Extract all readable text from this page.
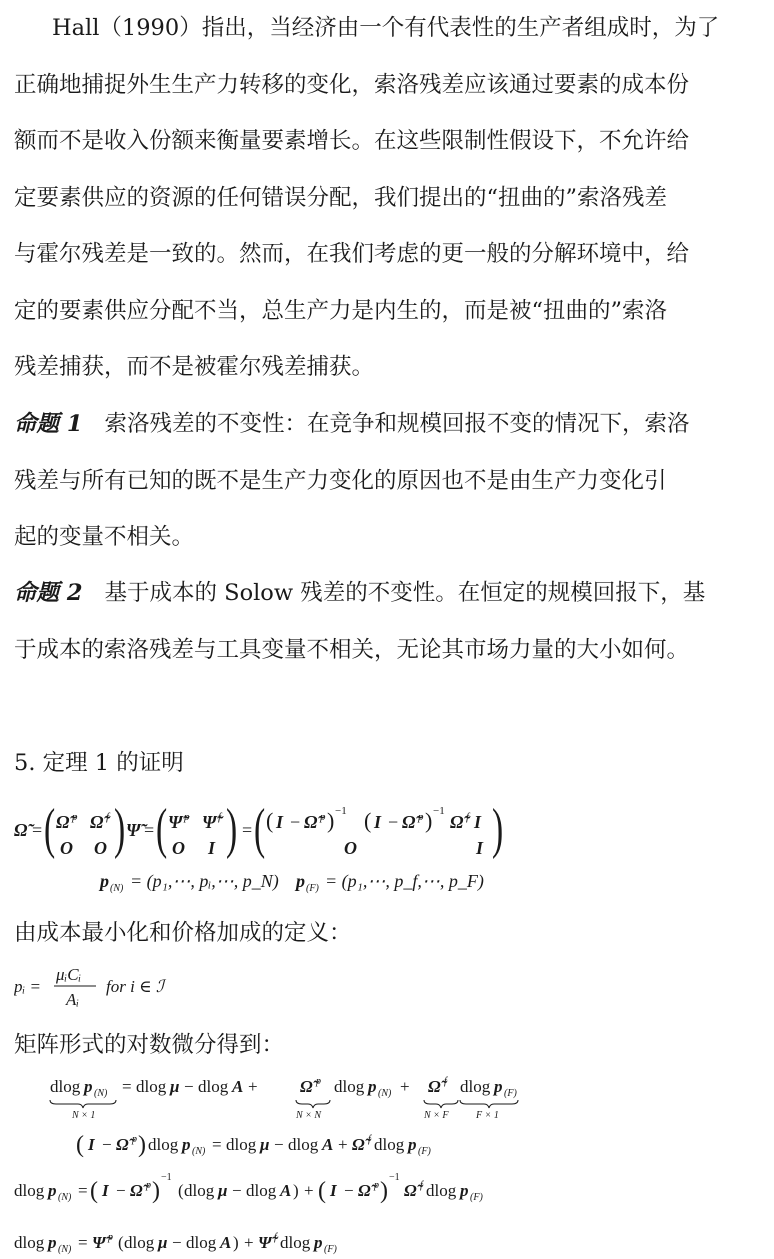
Hall（1990）指出，当经济由一个有代表性的生产者组成时，为了
正确地捕捉外生生产力转移的变化，索洛残差应该通过要素的成本份
额而不是收入份额来衡量要素增长。在这些限制性假设下，不允许给
定要素供应的资源的任何错误分配，我们提出的“扭曲的”索洛残差
与霍尔残差是一致的。然而，在我们考虑的更一般的分解环境中，给
定的要素供应分配不当，总生产力是内生的，而是被“扭曲的”索洛
残差捕获，而不是被霍尔残差捕获。
命题 1 索洛残差的不变性：在竞争和规模回报不变的情况下，索洛
残差与所有已知的既不是生产力变化的原因也不是由生产力变化引
起的变量不相关。
命题 2 基于成本的 Solow 残差的不变性。在恒定的规模回报下，基
于成本的索洛残差与工具变量不相关，无论其市场力量的大小如何。
5. 定理 1 的证明
Ω̃ = ( Ω̃ p Ω̃ f
O O ) Ψ̃ = ( Ψ̃ p Ψ̃ f
O I ) = ( ( I − Ω̃ p ) −1 ( I − Ω̃ p ) −1
Ω̃ f I
O	I )
p (N) = (p₁,⋯, pᵢ,⋯, p_N) p (F) = (p₁,⋯, p_f,⋯, p_F)
由成本最小化和价格加成的定义：
pᵢ =
μᵢCᵢ
Aᵢ
for i ∈ ℐ
矩阵形式的对数微分得到：
dlog p (N)
N × 1
= dlog μ − dlog A + Ω̃ p
N × N
dlog p (N) + Ω̃ f
N × F
dlog p (F)
F × 1
( I − Ω̃ p ) dlog p (N) = dlog μ − dlog A + Ω̃ f dlog p (F)
dlog p (N) = ( I − Ω̃ p )
−1
( dlog μ − dlog A ) + ( I − Ω̃ p )
−1
Ω̃ f dlog p (F)
dlog p (N) = Ψ̃ p ( dlog μ − dlog A ) + Ψ̃ f dlog p (F)
